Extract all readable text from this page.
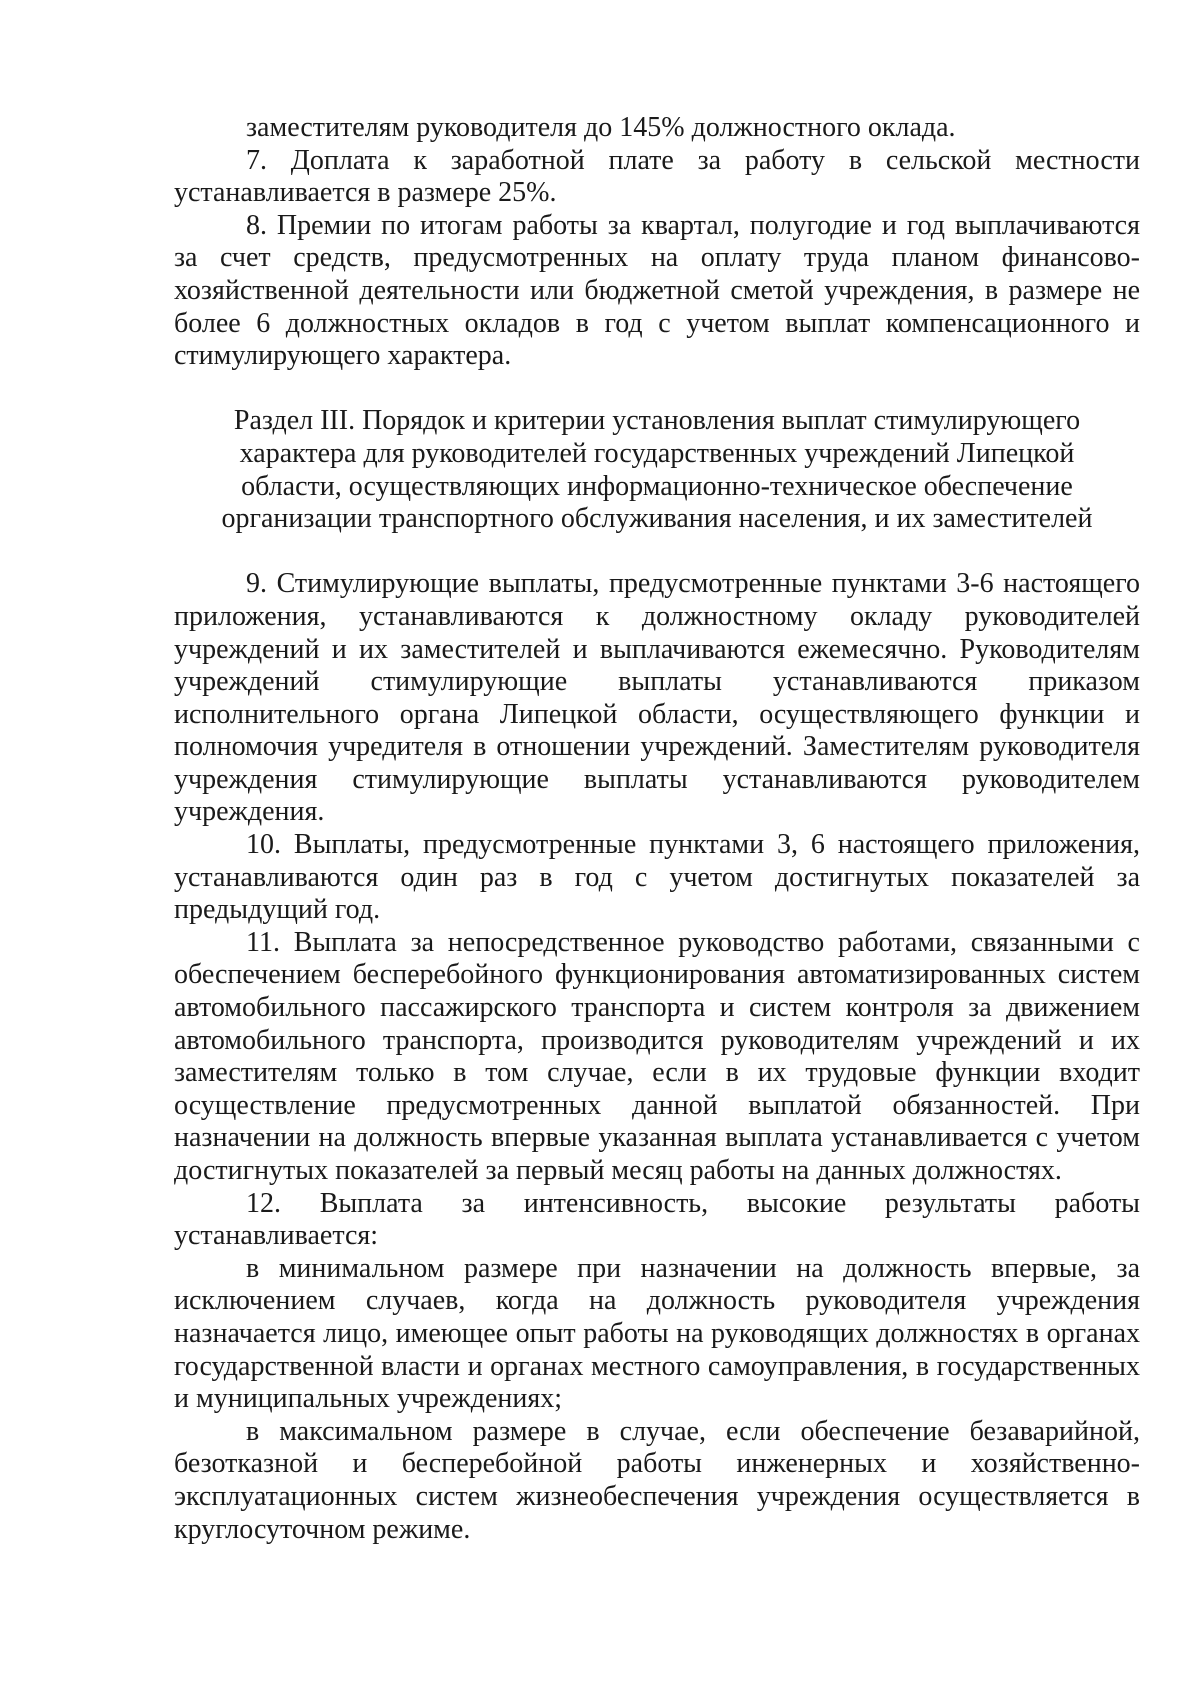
заместителям руководителя до 145% должностного оклада.

7. Доплата к заработной плате за работу в сельской местности устанавливается в размере 25%.

8. Премии по итогам работы за квартал, полугодие и год выплачиваются за счет средств, предусмотренных на оплату труда планом финансово-хозяйственной деятельности или бюджетной сметой учреждения, в размере не более 6 должностных окладов в год с учетом выплат компенсационного и стимулирующего характера.

Раздел III. Порядок и критерии установления выплат стимулирующего характера для руководителей государственных учреждений Липецкой области, осуществляющих информационно-техническое обеспечение организации транспортного обслуживания населения, и их заместителей

9. Стимулирующие выплаты, предусмотренные пунктами 3-6 настоящего приложения, устанавливаются к должностному окладу руководителей учреждений и их заместителей и выплачиваются ежемесячно. Руководителям учреждений стимулирующие выплаты устанавливаются приказом исполнительного органа Липецкой области, осуществляющего функции и полномочия учредителя в отношении учреждений. Заместителям руководителя учреждения стимулирующие выплаты устанавливаются руководителем учреждения.

10. Выплаты, предусмотренные пунктами 3, 6 настоящего приложения, устанавливаются один раз в год с учетом достигнутых показателей за предыдущий год.

11. Выплата за непосредственное руководство работами, связанными с обеспечением бесперебойного функционирования автоматизированных систем автомобильного пассажирского транспорта и систем контроля за движением автомобильного транспорта, производится руководителям учреждений и их заместителям только в том случае, если в их трудовые функции входит осуществление предусмотренных данной выплатой обязанностей. При назначении на должность впервые указанная выплата устанавливается с учетом достигнутых показателей за первый месяц работы на данных должностях.

12. Выплата за интенсивность, высокие результаты работы устанавливается:

в минимальном размере при назначении на должность впервые, за исключением случаев, когда на должность руководителя учреждения назначается лицо, имеющее опыт работы на руководящих должностях в органах государственной власти и органах местного самоуправления, в государственных и муниципальных учреждениях;

в максимальном размере в случае, если обеспечение безаварийной, безотказной и бесперебойной работы инженерных и хозяйственно-эксплуатационных систем жизнеобеспечения учреждения осуществляется в круглосуточном режиме.
